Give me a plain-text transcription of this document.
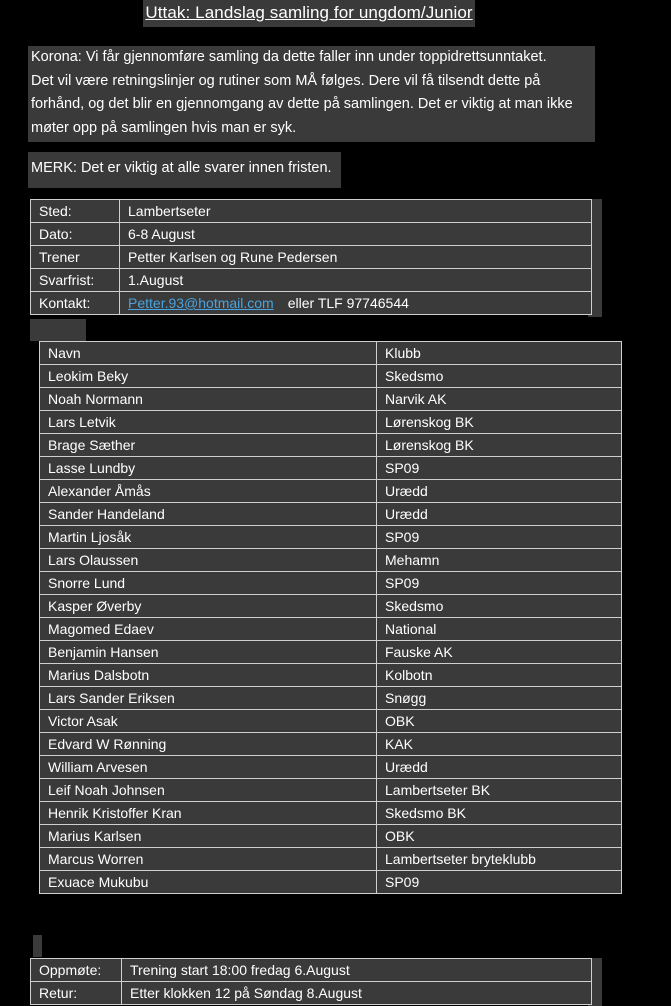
Uttak: Landslag samling for ungdom/Junior
Korona: Vi får gjennomføre samling da dette faller inn under toppidrettsunntaket.
Det vil være retningslinjer og rutiner som MÅ følges. Dere vil få tilsendt dette på
forhånd, og det blir en gjennomgang av dette på samlingen. Det er viktig at man ikke
møter opp på samlingen hvis man er syk.
MERK: Det er viktig at alle svarer innen fristen.
Sted:	Lambertseter
Dato:	6-8 August
Trener	Petter Karlsen og Rune Pedersen
Svarfrist:	1.August
Kontakt:	Petter.93@hotmail.com eller TLF 97746544
Navn	Klubb
Leokim Beky	Skedsmo
Noah Normann	Narvik AK
Lars Letvik	Lørenskog BK
Brage Sæther	Lørenskog BK
Lasse Lundby	SP09
Alexander Åmås	Urædd
Sander Handeland	Urædd
Martin Ljosåk	SP09
Lars Olaussen	Mehamn
Snorre Lund	SP09
Kasper Øverby	Skedsmo
Magomed Edaev	National
Benjamin Hansen	Fauske AK
Marius Dalsbotn	Kolbotn
Lars Sander Eriksen	Snøgg
Victor Asak	OBK
Edvard W Rønning	KAK
William Arvesen	Urædd
Leif Noah Johnsen	Lambertseter BK
Henrik Kristoffer Kran	Skedsmo BK
Marius Karlsen	OBK
Marcus Worren	Lambertseter bryteklubb
Exuace Mukubu	SP09
Oppmøte:	Trening start 18:00 fredag 6.August
Retur:	Etter klokken 12 på Søndag 8.August
